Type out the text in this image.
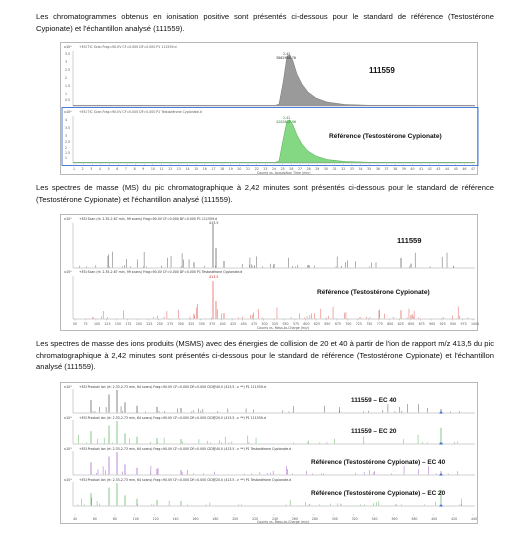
Les chromatogrammes obtenus en ionisation positive sont présentés ci-dessous pour le standard de référence (Testostérone Cypionate) et l'échantillon analysé (111559).

x10⁵ +ESI TIC Scan Frag=90.0V CF=0.000 DF=0.000 P1 111559.d
3.5
3
2.5
2
1.5
1
0.5
2.42
3862968.76
111559
x10⁵ +ESI TIC Scan Frag=90.0V CF=0.000 DF=0.000 P1 Testostérone Cypionate.d
4
3.5
3
2.5
2
1.5
1
2.42
4202802.96
Référence (Testostérone Cypionate)
1 2 3 4 5 6 7 8 9 10 11 12 13 14 15 16 17 18 19 20 21 22 23 24 25 26 27 28 29 30 31 32 33 34 35 36 37 38 39 40 41 42 43 44 45 46 47
Counts vs. Acquisition Time (min)

Les spectres de masse (MS) du pic chromatographique à 2,42 minutes sont présentés ci-dessous pour le standard de référence (Testostérone Cypionate) et l'échantillon analysé (111559).

x10⁵ +ESI Scan (rt: 2.35-2.67 min, 99 scans) Frag=90.0V CF=0.000 DF=0.000 P1 111559.d
413.5
111559
x10⁵ +ESI Scan (rt: 2.35-2.67 min, 99 scans) Frag=90.0V CF=0.000 DF=0.000 P1 Testostérone Cypionate.d
413.5
Référence (Testostérone Cypionate)
50 75 100 125 150 175 200 225 250 275 300 325 350 375 400 425 450 475 500 525 550 575 600 625 650 675 700 725 750 775 800 825 850 875 900 925 950 975 1000
Counts vs. Mass-to-Charge (m/z)

Les spectres de masse des ions produits (MSMS) avec des énergies de collision de 20 et 40 à partir de l'ion de rapport m/z 413,5 du pic chromatographique à 2,42 minutes sont présentés ci-dessous pour le standard de référence (Testostérone Cypionate) et l'échantillon analysé (111559).

x10³ +ESI Product Ion (rt: 2.33-2.73 min, 64 scans) Frag=90.0V CF=0.000 DF=0.000 CID@40.0 (413.5 -> **) P1 111559.d
111559 – EC 40
x10³ +ESI Product Ion (rt: 2.33-2.73 min, 64 scans) Frag=90.0V CF=0.000 DF=0.000 CID@20.0 (413.5 -> **) P1 111559.d
111559 – EC 20
x10³ +ESI Product Ion (rt: 2.33-2.73 min, 64 scans) Frag=90.0V CF=0.000 DF=0.000 CID@40.0 (413.5 -> **) P1 Testostérone Cypionate.d
Référence (Testostérone Cypionate) – EC 40
x10³ +ESI Product Ion (rt: 2.33-2.73 min, 64 scans) Frag=90.0V CF=0.000 DF=0.000 CID@20.0 (413.5 -> **) P1 Testostérone Cypionate.d
Référence (Testostérone Cypionate) – EC 20
40	60	80	100	120	140	160	180	200	220	240	260	280	300	320	340	360	380	400	420	440
Counts vs. Mass-to-Charge (m/z)
